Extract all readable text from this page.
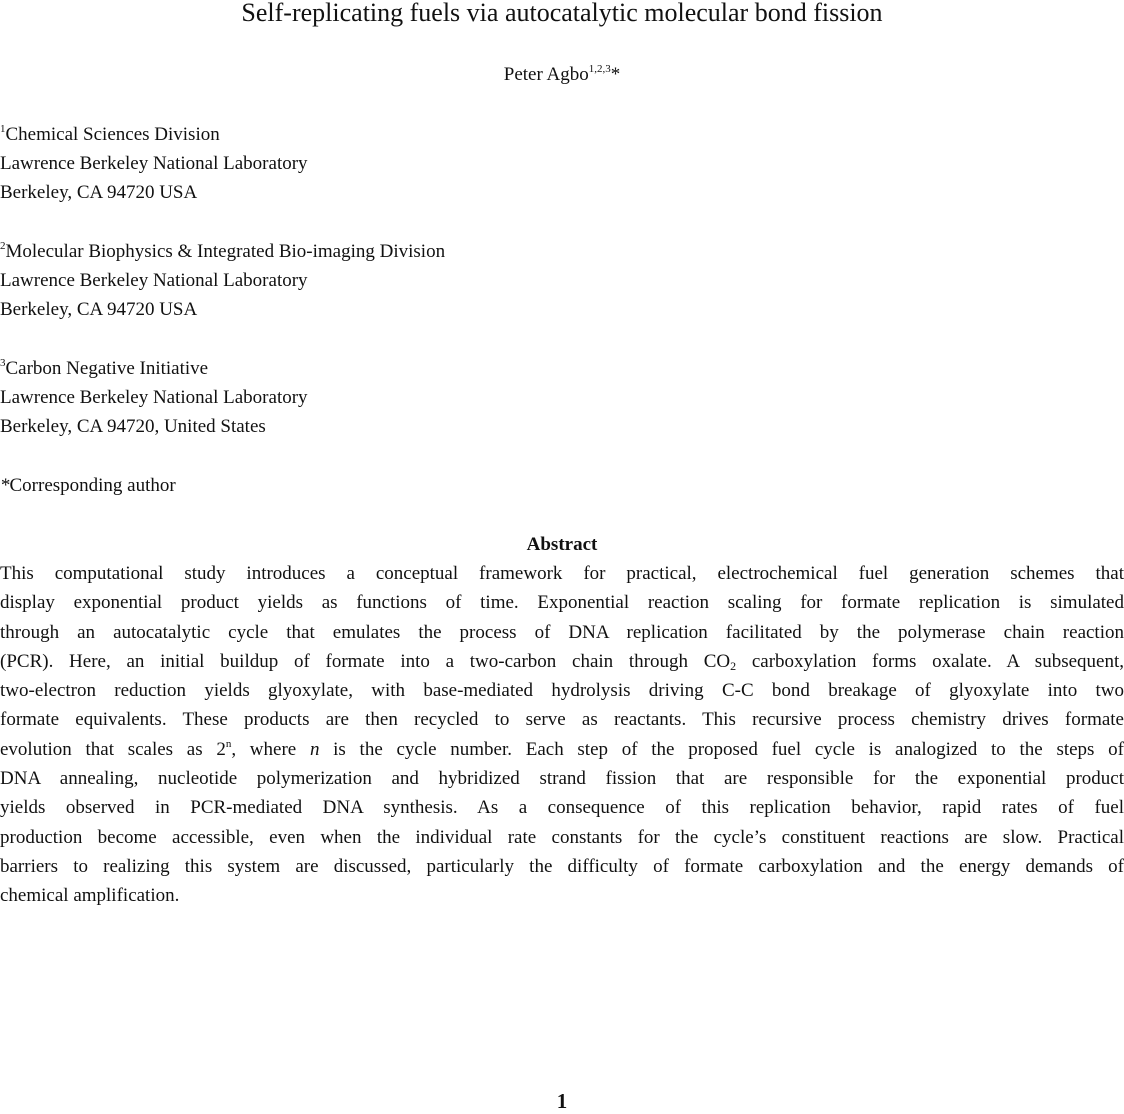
Self-replicating fuels via autocatalytic molecular bond fission
Peter Agbo$^{1,2,3}$*
$^1$Chemical Sciences Division
Lawrence Berkeley National Laboratory
Berkeley, CA 94720 USA
$^2$Molecular Biophysics & Integrated Bio-imaging Division
Lawrence Berkeley National Laboratory
Berkeley, CA 94720 USA
$^3$Carbon Negative Initiative
Lawrence Berkeley National Laboratory
Berkeley, CA 94720, United States
*Corresponding author
Abstract
This computational study introduces a conceptual framework for practical, electrochemical fuel generation schemes that
display exponential product yields as functions of time. Exponential reaction scaling for formate replication is simulated
through an autocatalytic cycle that emulates the process of DNA replication facilitated by the polymerase chain reaction
(PCR). Here, an initial buildup of formate into a two-carbon chain through $CO_2$ carboxylation forms oxalate. A subsequent,
two-electron reduction yields glyoxylate, with base-mediated hydrolysis driving C-C bond breakage of glyoxylate into two
formate equivalents. These products are then recycled to serve as reactants. This recursive process chemistry drives formate
evolution that scales as 2$^n$, where n is the cycle number. Each step of the proposed fuel cycle is analogized to the steps of
DNA annealing, nucleotide polymerization and hybridized strand fission that are responsible for the exponential product
yields observed in PCR-mediated DNA synthesis. As a consequence of this replication behavior, rapid rates of fuel
production become accessible, even when the individual rate constants for the cycle’s constituent reactions are slow. Practical
barriers to realizing this system are discussed, particularly the difficulty of formate carboxylation and the energy demands of
chemical amplification.
1
